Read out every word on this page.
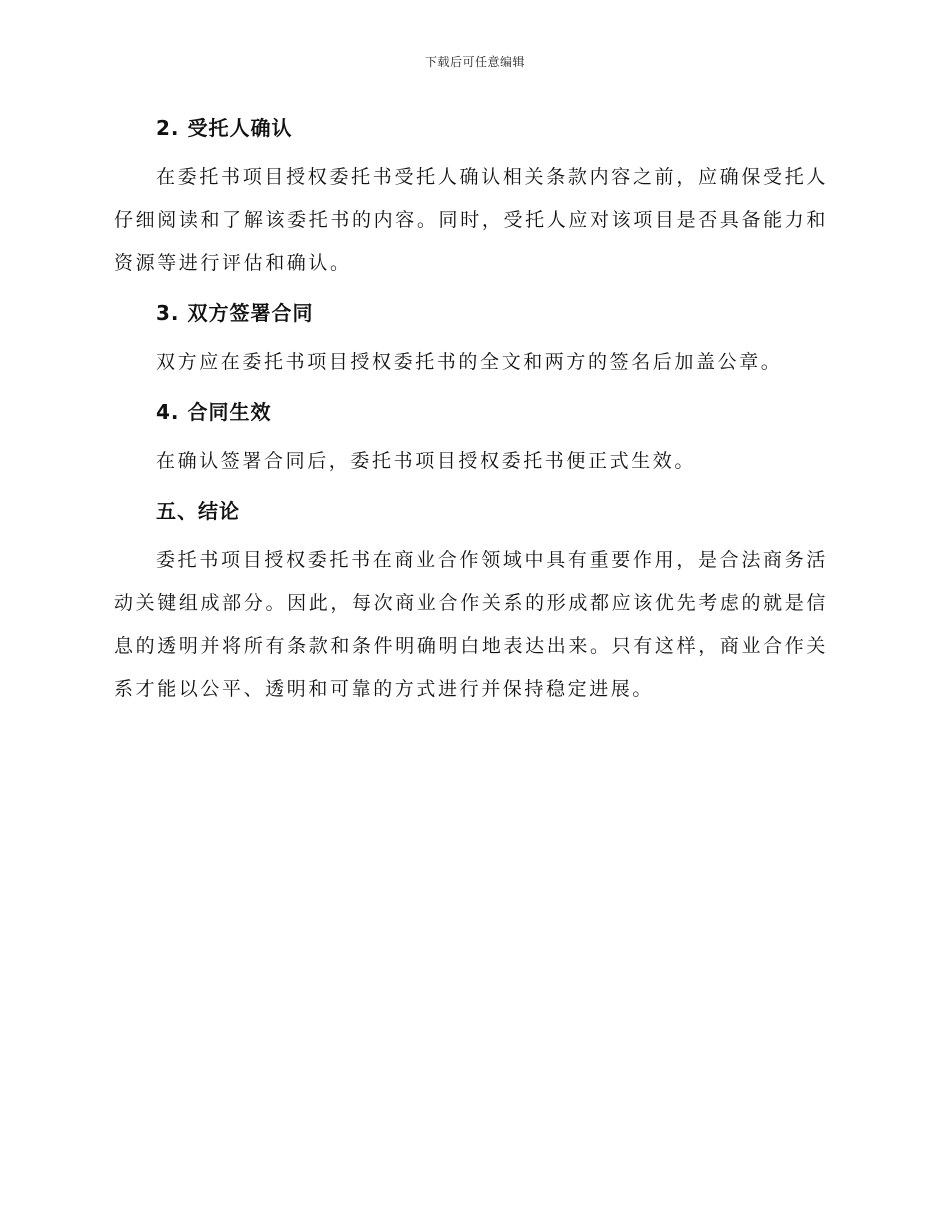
下载后可任意编辑
2. 受托人确认

在委托书项目授权委托书受托人确认相关条款内容之前，应确保受托人仔细阅读和了解该委托书的内容。同时，受托人应对该项目是否具备能力和资源等进行评估和确认。

3. 双方签署合同

双方应在委托书项目授权委托书的全文和两方的签名后加盖公章。

4. 合同生效

在确认签署合同后，委托书项目授权委托书便正式生效。

五、结论

委托书项目授权委托书在商业合作领域中具有重要作用，是合法商务活动关键组成部分。因此，每次商业合作关系的形成都应该优先考虑的就是信息的透明并将所有条款和条件明确明白地表达出来。只有这样，商业合作关系才能以公平、透明和可靠的方式进行并保持稳定进展。
